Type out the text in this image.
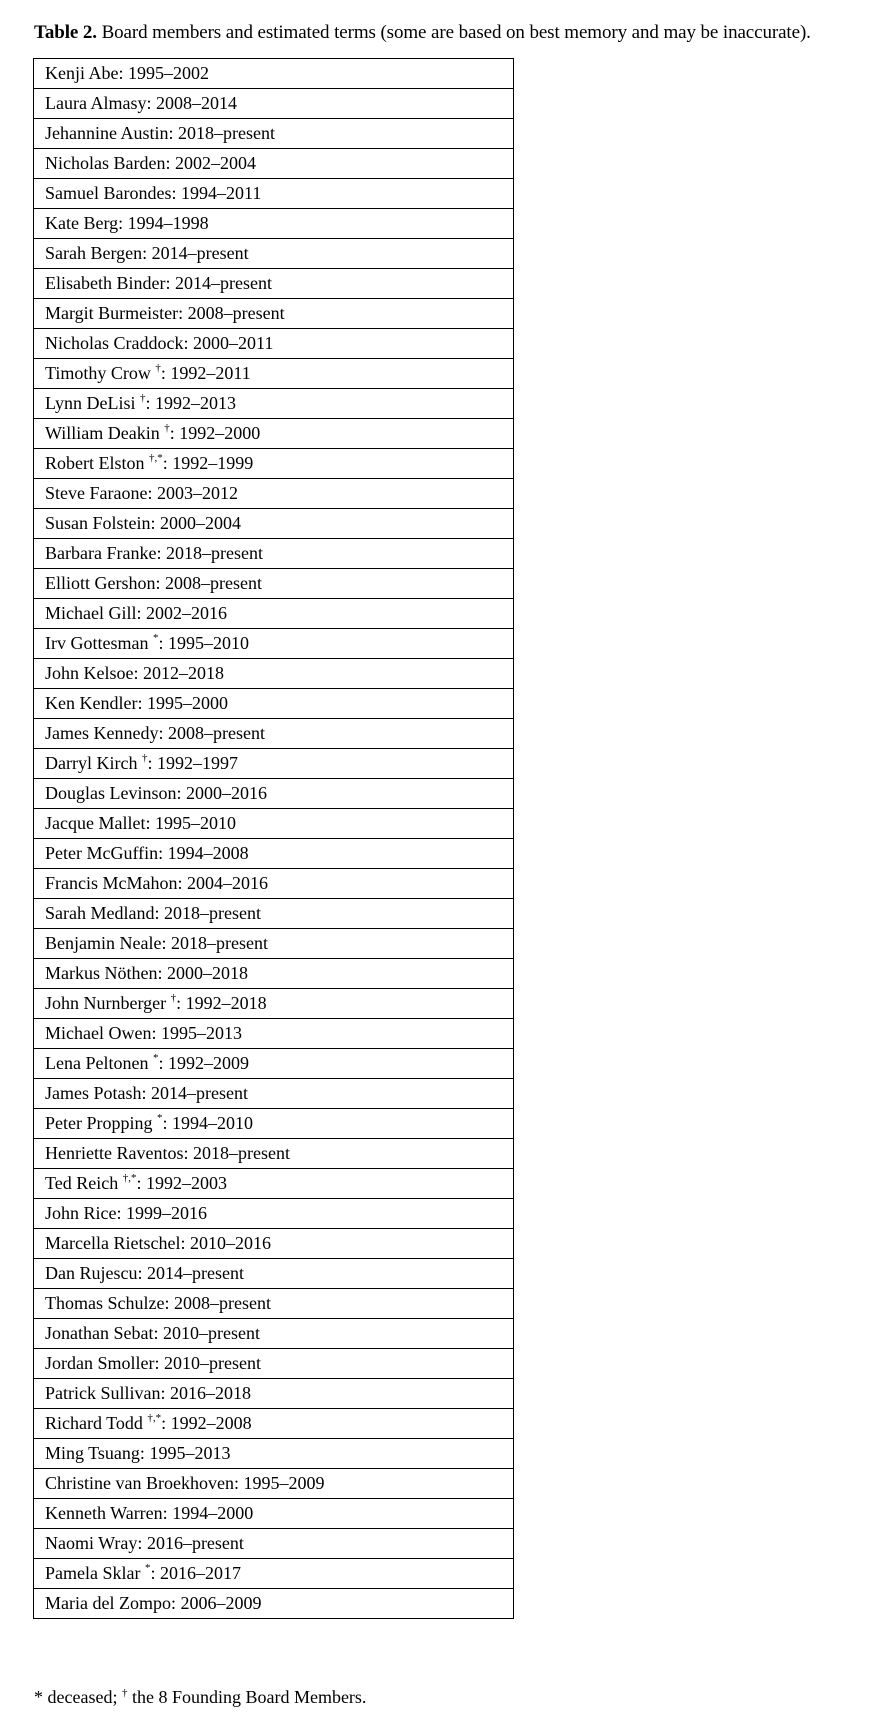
Table 2. Board members and estimated terms (some are based on best memory and may be inaccurate).
Kenji Abe: 1995–2002
Laura Almasy: 2008–2014
Jehannine Austin: 2018–present
Nicholas Barden: 2002–2004
Samuel Barondes: 1994–2011
Kate Berg: 1994–1998
Sarah Bergen: 2014–present
Elisabeth Binder: 2014–present
Margit Burmeister: 2008–present
Nicholas Craddock: 2000–2011
Timothy Crow †: 1992–2011
Lynn DeLisi †: 1992–2013
William Deakin †: 1992–2000
Robert Elston †,*: 1992–1999
Steve Faraone: 2003–2012
Susan Folstein: 2000–2004
Barbara Franke: 2018–present
Elliott Gershon: 2008–present
Michael Gill: 2002–2016
Irv Gottesman *: 1995–2010
John Kelsoe: 2012–2018
Ken Kendler: 1995–2000
James Kennedy: 2008–present
Darryl Kirch †: 1992–1997
Douglas Levinson: 2000–2016
Jacque Mallet: 1995–2010
Peter McGuffin: 1994–2008
Francis McMahon: 2004–2016
Sarah Medland: 2018–present
Benjamin Neale: 2018–present
Markus Nöthen: 2000–2018
John Nurnberger †: 1992–2018
Michael Owen: 1995–2013
Lena Peltonen *: 1992–2009
James Potash: 2014–present
Peter Propping *: 1994–2010
Henriette Raventos: 2018–present
Ted Reich †,*: 1992–2003
John Rice: 1999–2016
Marcella Rietschel: 2010–2016
Dan Rujescu: 2014–present
Thomas Schulze: 2008–present
Jonathan Sebat: 2010–present
Jordan Smoller: 2010–present
Patrick Sullivan: 2016–2018
Richard Todd †,*: 1992–2008
Ming Tsuang: 1995–2013
Christine van Broekhoven: 1995–2009
Kenneth Warren: 1994–2000
Naomi Wray: 2016–present
Pamela Sklar *: 2016–2017
Maria del Zompo: 2006–2009
* deceased; † the 8 Founding Board Members.
